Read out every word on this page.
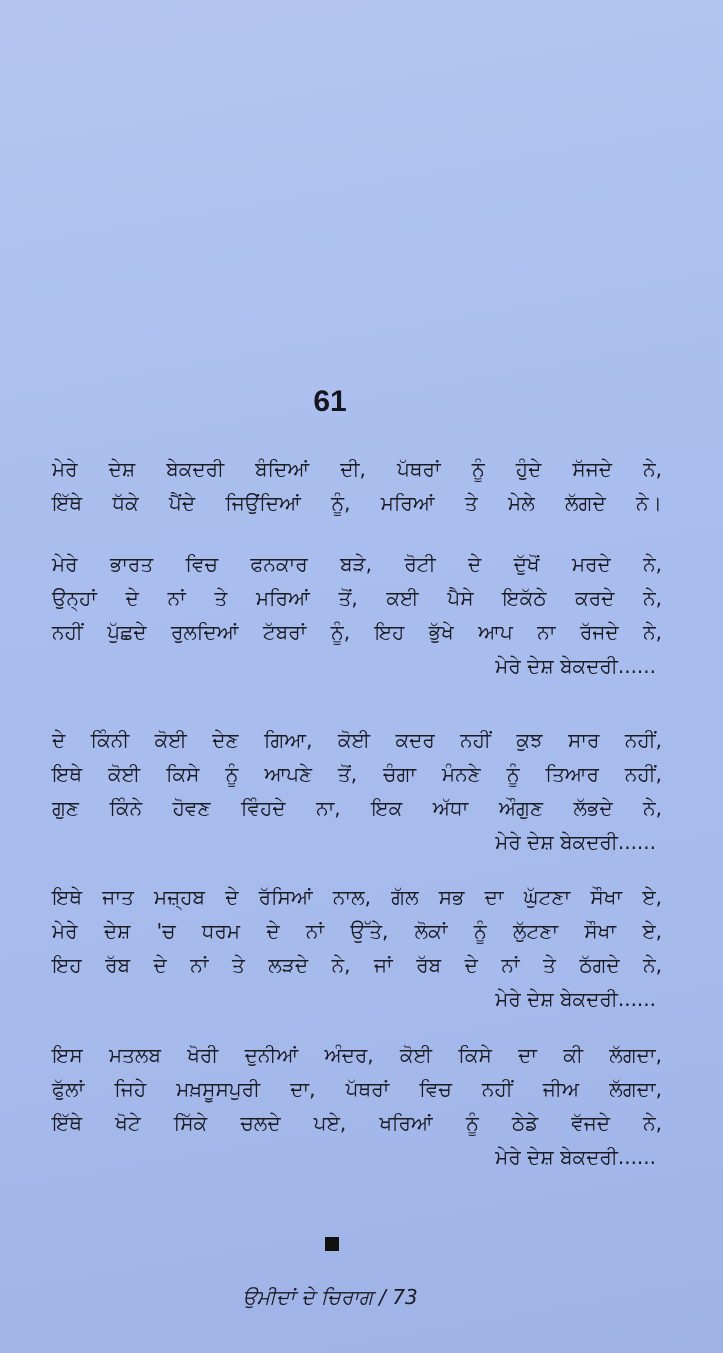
61
ਮੇਰੇ ਦੇਸ਼ ਬੇਕਦਰੀ ਬੰਦਿਆਂ ਦੀ, ਪੱਥਰਾਂ ਨੂੰ ਹੁੰਦੇ ਸੱਜਦੇ ਨੇ,
ਇੱਥੇ ਧੱਕੇ ਪੈਂਦੇ ਜਿਉਂਦਿਆਂ ਨੂੰ, ਮਰਿਆਂ ਤੇ ਮੇਲੇ ਲੱਗਦੇ ਨੇ।
ਮੇਰੇ ਭਾਰਤ ਵਿਚ ਫਨਕਾਰ ਬੜੇ, ਰੋਟੀ ਦੇ ਦੁੱਖੋਂ ਮਰਦੇ ਨੇ,
ਉਨ੍ਹਾਂ ਦੇ ਨਾਂ ਤੇ ਮਰਿਆਂ ਤੋਂ, ਕਈ ਪੈਸੇ ਇਕੱਠੇ ਕਰਦੇ ਨੇ,
ਨਹੀਂ ਪੁੱਛਦੇ ਰੁਲਦਿਆਂ ਟੱਬਰਾਂ ਨੂੰ, ਇਹ ਭੁੱਖੇ ਆਪ ਨਾ ਰੱਜਦੇ ਨੇ,
ਮੇਰੇ ਦੇਸ਼ ਬੇਕਦਰੀ......
ਦੇ ਕਿੰਨੀ ਕੋਈ ਦੇਣ ਗਿਆ, ਕੋਈ ਕਦਰ ਨਹੀਂ ਕੁਝ ਸਾਰ ਨਹੀਂ,
ਇਥੇ ਕੋਈ ਕਿਸੇ ਨੂੰ ਆਪਣੇ ਤੋਂ, ਚੰਗਾ ਮੰਨਣੇ ਨੂੰ ਤਿਆਰ ਨਹੀਂ,
ਗੁਣ ਕਿੰਨੇ ਹੋਵਣ ਵਿੰਹਦੇ ਨਾ, ਇਕ ਅੱਧਾ ਔਗੁਣ ਲੱਭਦੇ ਨੇ,
ਮੇਰੇ ਦੇਸ਼ ਬੇਕਦਰੀ......
ਇਥੇ ਜਾਤ ਮਜ਼੍ਹਬ ਦੇ ਰੱਸਿਆਂ ਨਾਲ, ਗੱਲ ਸਭ ਦਾ ਘੁੱਟਣਾ ਸੌਖਾ ਏ,
ਮੇਰੇ ਦੇਸ਼ 'ਚ ਧਰਮ ਦੇ ਨਾਂ ਉੱਤੇ, ਲੋਕਾਂ ਨੂੰ ਲੁੱਟਣਾ ਸੌਖਾ ਏ,
ਇਹ ਰੱਬ ਦੇ ਨਾਂ ਤੇ ਲੜਦੇ ਨੇ, ਜਾਂ ਰੱਬ ਦੇ ਨਾਂ ਤੇ ਠੱਗਦੇ ਨੇ,
ਮੇਰੇ ਦੇਸ਼ ਬੇਕਦਰੀ......
ਇਸ ਮਤਲਬ ਖੋਰੀ ਦੁਨੀਆਂ ਅੰਦਰ, ਕੋਈ ਕਿਸੇ ਦਾ ਕੀ ਲੱਗਦਾ,
ਫੁੱਲਾਂ ਜਿਹੇ ਮਖ਼ਸੂਸਪੁਰੀ ਦਾ, ਪੱਥਰਾਂ ਵਿਚ ਨਹੀਂ ਜੀਅ ਲੱਗਦਾ,
ਇੱਥੇ ਖੋਟੇ ਸਿੱਕੇ ਚਲਦੇ ਪਏ, ਖਰਿਆਂ ਨੂੰ ਠੇਡੇ ਵੱਜਦੇ ਨੇ,
ਮੇਰੇ ਦੇਸ਼ ਬੇਕਦਰੀ......
ਉਮੀਦਾਂ ਦੇ ਚਿਰਾਗ / 73
